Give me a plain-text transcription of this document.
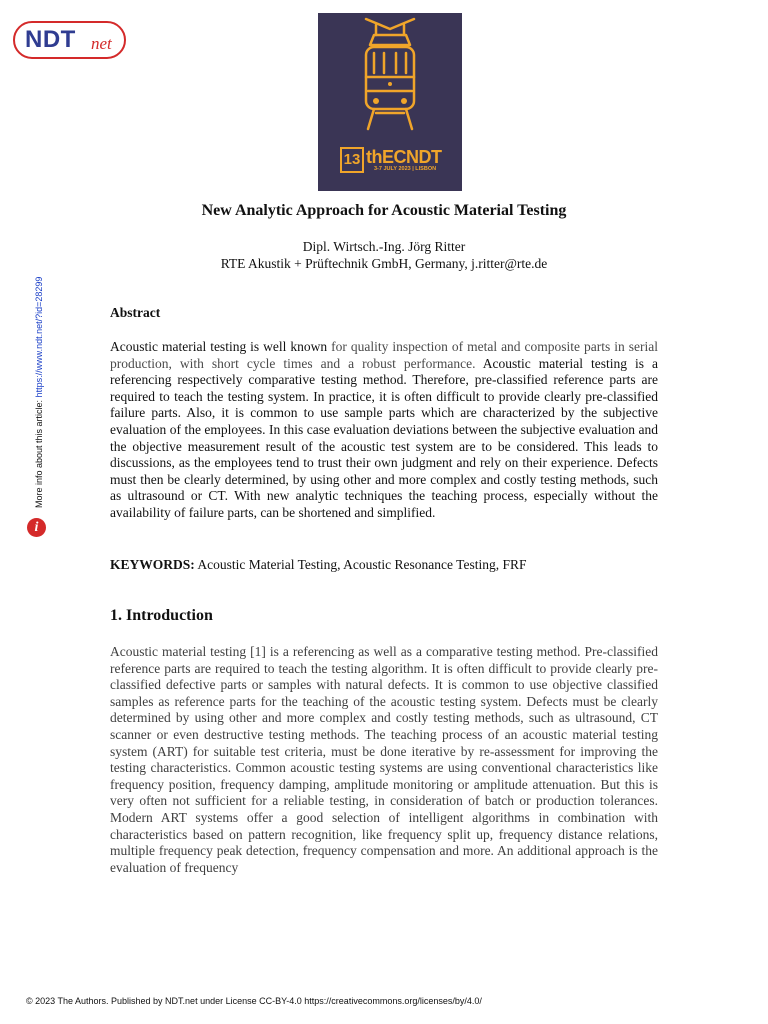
NDT net
13 thECNDT
3-7 JULY 2023 | LISBON
More info about this article: https://www.ndt.net/?id=28299
i
New Analytic Approach for Acoustic Material Testing
Dipl. Wirtsch.-Ing. Jörg Ritter
RTE Akustik + Prüftechnik GmbH, Germany, j.ritter@rte.de
Abstract

Acoustic material testing is well known for quality inspection of metal and composite parts in serial production, with short cycle times and a robust performance. Acoustic material testing is a referencing respectively comparative testing method. Therefore, pre-classified reference parts are required to teach the testing system. In practice, it is often difficult to provide clearly pre-classified failure parts. Also, it is common to use sample parts which are characterized by the subjective evaluation of the employees. In this case evaluation deviations between the subjective evaluation and the objective measurement result of the acoustic test system are to be considered. This leads to discussions, as the employees tend to trust their own judgment and rely on their experience. Defects must then be clearly determined, by using other and more complex and costly testing methods, such as ultrasound or CT. With new analytic techniques the teaching process, especially without the availability of failure parts, can be shortened and simplified.

KEYWORDS: Acoustic Material Testing, Acoustic Resonance Testing, FRF
1. Introduction

Acoustic material testing [1] is a referencing as well as a comparative testing method. Pre-classified reference parts are required to teach the testing algorithm. It is often difficult to provide clearly pre-classified defective parts or samples with natural defects. It is common to use objective classified samples as reference parts for the teaching of the acoustic testing system. Defects must be clearly determined by using other and more complex and costly testing methods, such as ultrasound, CT scanner or even destructive testing methods. The teaching process of an acoustic material testing system (ART) for suitable test criteria, must be done iterative by re-assessment for improving the testing characteristics. Common acoustic testing systems are using conventional characteristics like frequency position, frequency damping, amplitude monitoring or amplitude attenuation. But this is very often not sufficient for a reliable testing, in consideration of batch or production tolerances. Modern ART systems offer a good selection of intelligent algorithms in combination with characteristics based on pattern recognition, like frequency split up, frequency distance relations, multiple frequency peak detection, frequency compensation and more. An additional approach is the evaluation of frequency

© 2023 The Authors. Published by NDT.net under License CC-BY-4.0 https://creativecommons.org/licenses/by/4.0/
